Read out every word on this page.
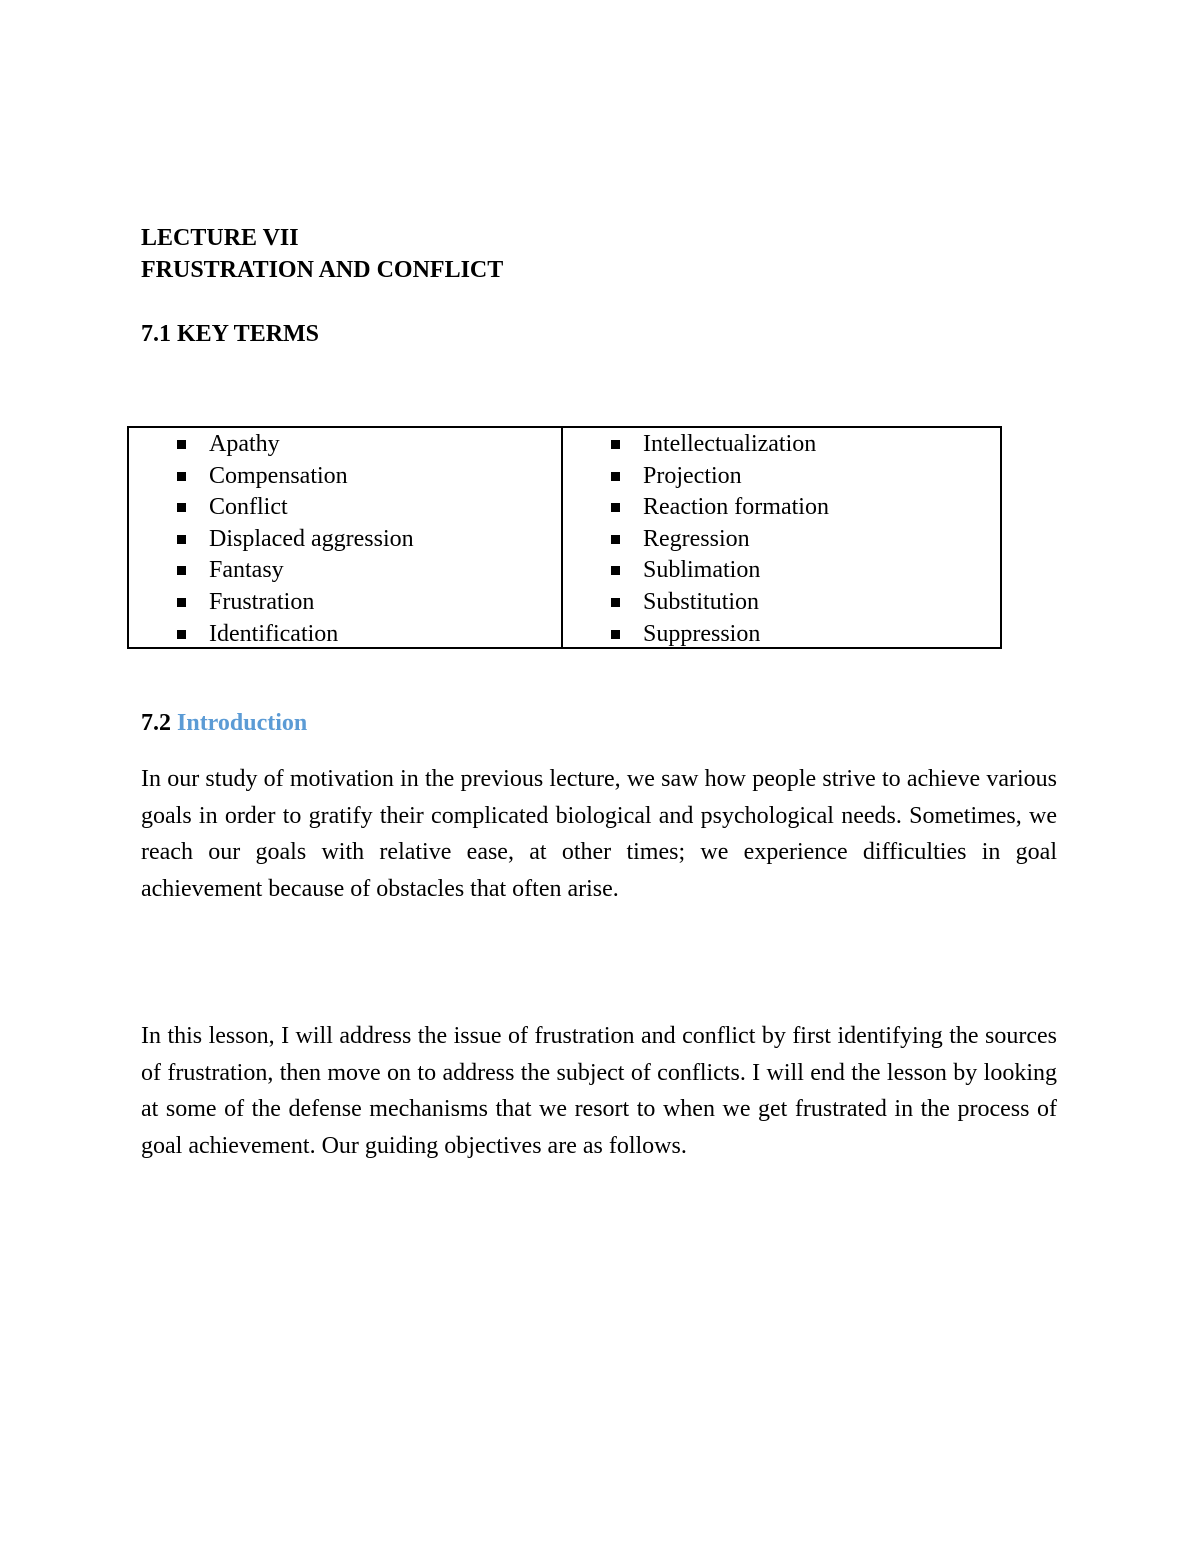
LECTURE VII

FRUSTRATION AND CONFLICT

7.1 KEY TERMS

Apathy
Compensation
Conflict
Displaced aggression
Fantasy
Frustration
Identification
Intellectualization
Projection
Reaction formation
Regression
Sublimation
Substitution
Suppression

7.2 Introduction

In our study of motivation in the previous lecture, we saw how people strive to achieve various goals in order to gratify their complicated biological and psychological needs. Sometimes, we reach our goals with relative ease, at other times; we experience difficulties in goal achievement because of obstacles that often arise.

In this lesson, I will address the issue of frustration and conflict by first identifying the sources of frustration, then move on to address the subject of conflicts. I will end the lesson by looking at some of the defense mechanisms that we resort to when we get frustrated in the process of goal achievement. Our guiding objectives are as follows.
